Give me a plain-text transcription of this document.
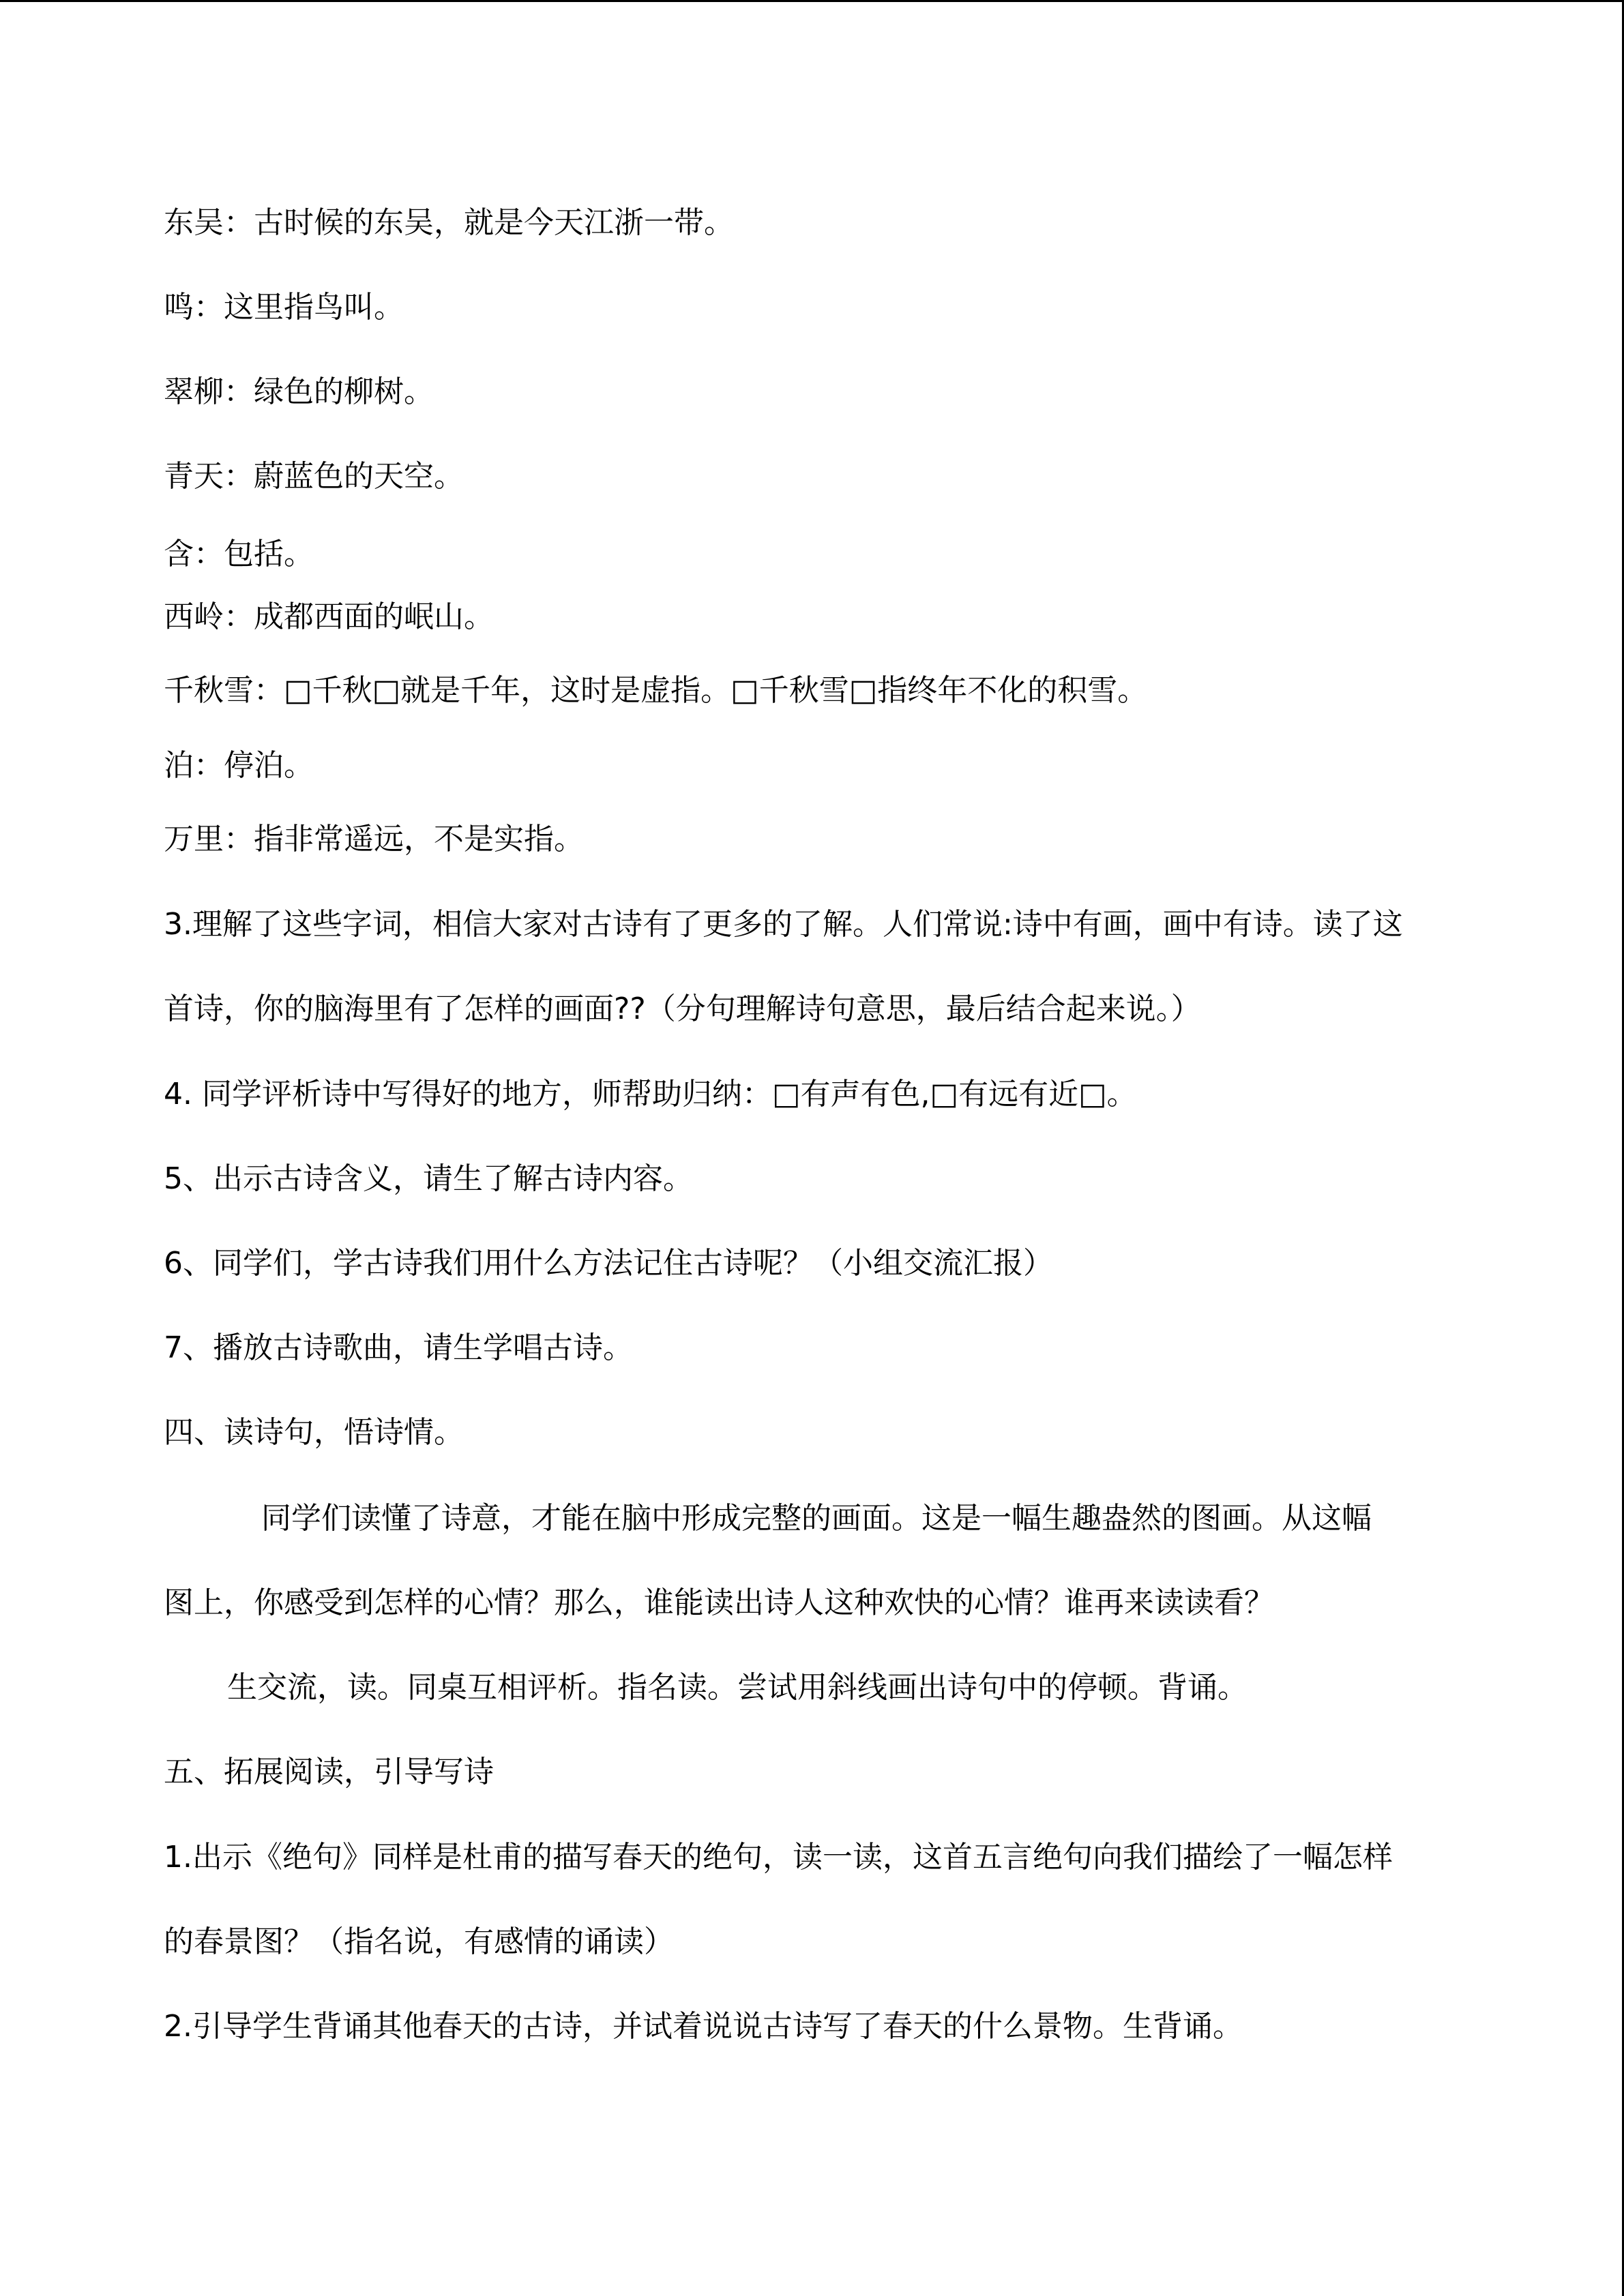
东吴：古时候的东吴，就是今天江浙一带。
鸣：这里指鸟叫。
翠柳：绿色的柳树。
青天：蔚蓝色的天空。
含：包括。
西岭：成都西面的岷山。
千秋雪：□千秋□就是千年，这时是虚指。□千秋雪□指终年不化的积雪。
泊：停泊。
万里：指非常遥远，不是实指。
3.理解了这些字词，相信大家对古诗有了更多的了解。人们常说:诗中有画，画中有诗。读了这
首诗，你的脑海里有了怎样的画面??（分句理解诗句意思，最后结合起来说。）
4. 同学评析诗中写得好的地方，师帮助归纳：□有声有色,□有远有近□。
5、出示古诗含义，请生了解古诗内容。
6、同学们，学古诗我们用什么方法记住古诗呢？（小组交流汇报）
7、播放古诗歌曲，请生学唱古诗。
四、读诗句，悟诗情。
同学们读懂了诗意，才能在脑中形成完整的画面。这是一幅生趣盎然的图画。从这幅
图上，你感受到怎样的心情？那么，谁能读出诗人这种欢快的心情？谁再来读读看？
生交流，读。同桌互相评析。指名读。尝试用斜线画出诗句中的停顿。背诵。
五、拓展阅读，引导写诗
1.出示《绝句》同样是杜甫的描写春天的绝句，读一读，这首五言绝句向我们描绘了一幅怎样
的春景图？（指名说，有感情的诵读）
2.引导学生背诵其他春天的古诗，并试着说说古诗写了春天的什么景物。生背诵。
